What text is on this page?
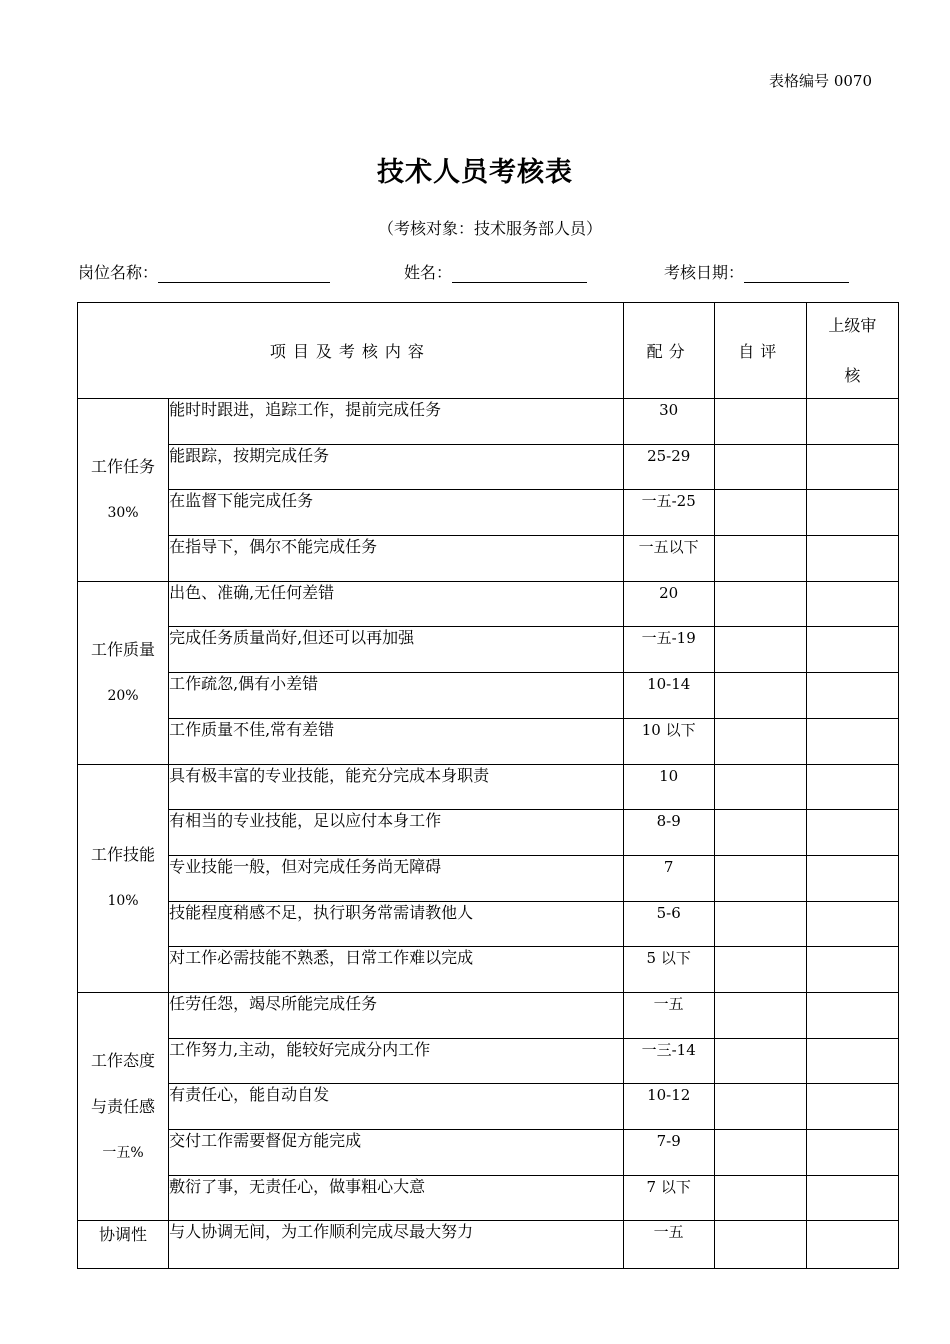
表格编号 0070
技术人员考核表
（考核对象：技术服务部人员）
岗位名称：	姓名：	考核日期：
项目及考核内容		配分	自评	上级审
核

工作任务
30%	能时时跟进，追踪工作，提前完成任务	30		
	能跟踪，按期完成任务	25-29		
	在监督下能完成任务	一五-25		
	在指导下，偶尔不能完成任务	一五以下		

工作质量
20%	出色、准确,无任何差错	20		
	完成任务质量尚好,但还可以再加强	一五-19		
	工作疏忽,偶有小差错	10-14		
	工作质量不佳,常有差错	10 以下		

工作技能
10%	具有极丰富的专业技能，能充分完成本身职责	10		
	有相当的专业技能，足以应付本身工作	8-9		
	专业技能一般，但对完成任务尚无障碍	7		
	技能程度稍感不足，执行职务常需请教他人	5-6		
	对工作必需技能不熟悉，日常工作难以完成	5 以下		

工作态度
与责任感
一五%	任劳任怨，竭尽所能完成任务	一五		
	工作努力,主动，能较好完成分内工作	一三-14		
	有责任心，能自动自发	10-12		
	交付工作需要督促方能完成	7-9		
	敷衍了事，无责任心，做事粗心大意	7 以下		

协调性	与人协调无间，为工作顺利完成尽最大努力	一五		
